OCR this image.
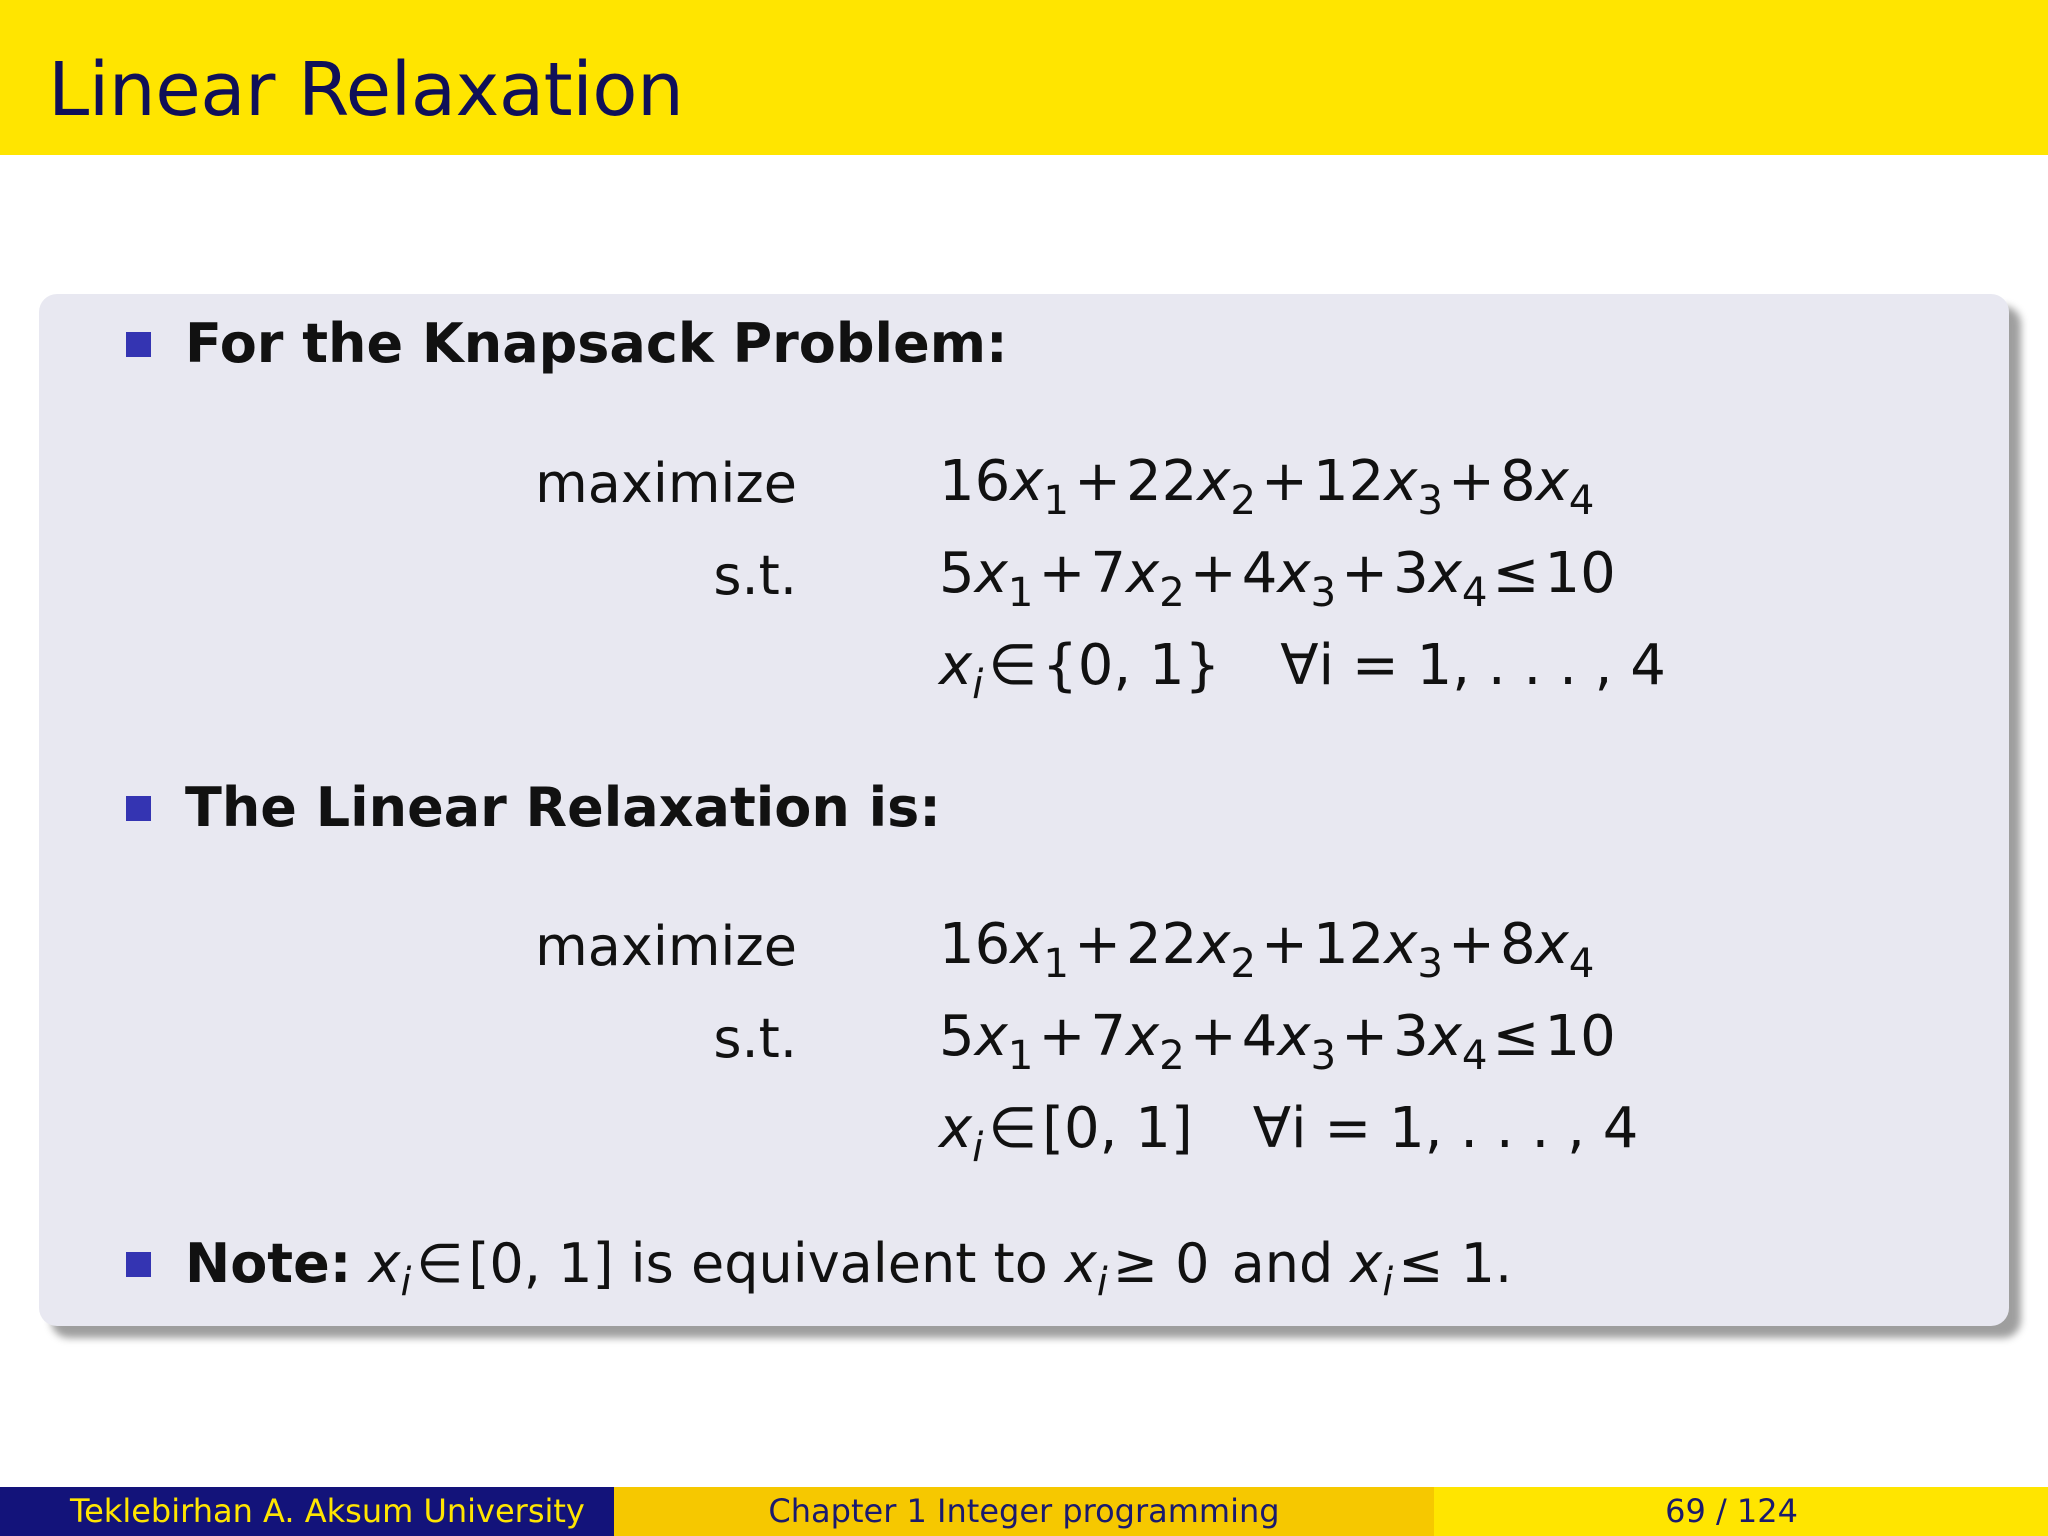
Linear Relaxation
For the Knapsack Problem:
maximize	$16x_1+22x_2+12x_3+8x_4$
s.t.	$5x_1+7x_2+4x_3+3x_4\le 10$
$x_i\in\{0$, 1} ∀i = 1, . . . , 4
The Linear Relaxation is:
maximize	$16x_1+22x_2+12x_3+8x_4$
s.t.	$5x_1+7x_2+4x_3+3x_4\le 10$
$x_i\in[0$, 1] ∀i = 1, . . . , 4
Note: $x_i\in[0$, 1] is equivalent to $x_i\ge 0$ and $x_i\le 1$.
Teklebirhan A. Aksum University	Chapter 1 Integer programming	69 / 124
